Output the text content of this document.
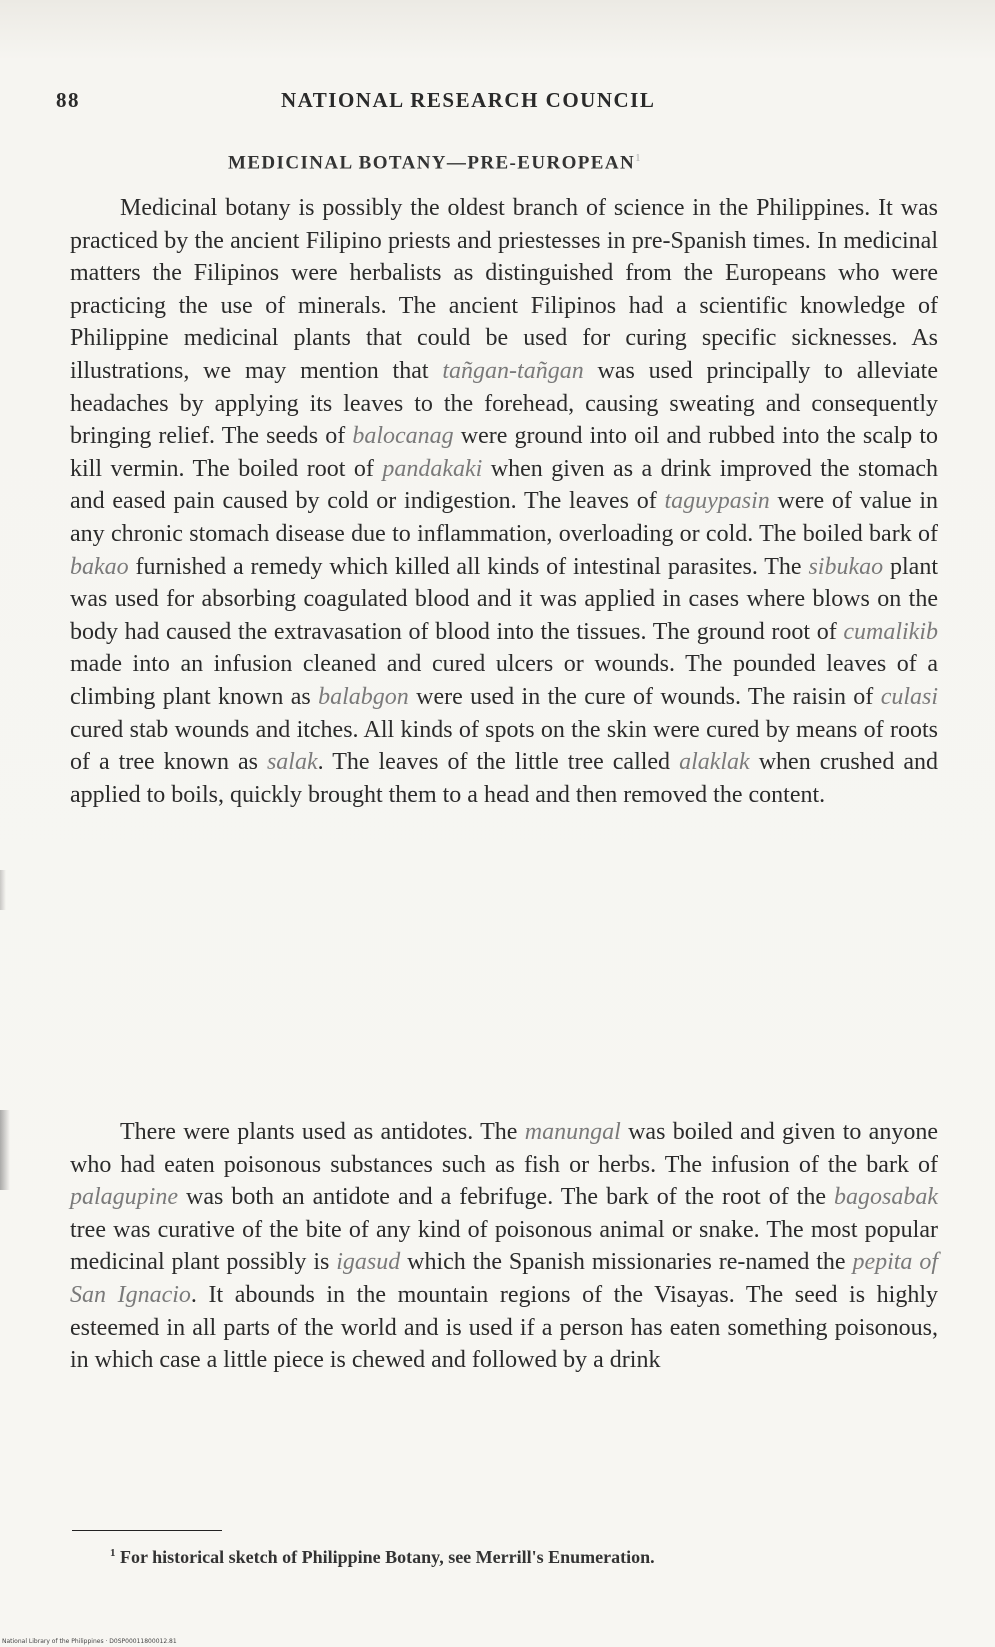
88	NATIONAL RESEARCH COUNCIL
MEDICINAL BOTANY—PRE-EUROPEAN$^1$

Medicinal botany is possibly the oldest branch of science in the Philippines. It was practiced by the ancient Filipino priests and priestesses in pre-Spanish times. In medicinal matters the Filipinos were herbalists as distinguished from the Europeans who were practicing the use of minerals. The ancient Filipinos had a scientific knowledge of Philippine medicinal plants that could be used for curing specific sicknesses. As illustrations, we may mention that tañgan-tañgan was used principally to alleviate headaches by applying its leaves to the forehead, causing sweating and consequently bringing relief. The seeds of balocanag were ground into oil and rubbed into the scalp to kill vermin. The boiled root of pandakaki when given as a drink improved the stomach and eased pain caused by cold or indigestion. The leaves of taguypasin were of value in any chronic stomach disease due to inflammation, overloading or cold. The boiled bark of bakao furnished a remedy which killed all kinds of intestinal parasites. The sibukao plant was used for absorbing coagulated blood and it was applied in cases where blows on the body had caused the extravasation of blood into the tissues. The ground root of cumalikib made into an infusion cleaned and cured ulcers or wounds. The pounded leaves of a climbing plant known as balabgon were used in the cure of wounds. The raisin of culasi cured stab wounds and itches. All kinds of spots on the skin were cured by means of roots of a tree known as salak. The leaves of the little tree called alaklak when crushed and applied to boils, quickly brought them to a head and then removed the content.

There were plants used as antidotes. The manungal was boiled and given to anyone who had eaten poisonous substances such as fish or herbs. The infusion of the bark of palagupine was both an antidote and a febrifuge. The bark of the root of the bagosabak tree was curative of the bite of any kind of poisonous animal or snake. The most popular medicinal plant possibly is igasud which the Spanish missionaries re-named the pepita of San Ignacio. It abounds in the mountain regions of the Visayas. The seed is highly esteemed in all parts of the world and is used if a person has eaten something poisonous, in which case a little piece is chewed and followed by a drink

$^1$ For historical sketch of Philippine Botany, see Merrill's Enumeration.
National Library of the Philippines · D0SP00011800012.81
